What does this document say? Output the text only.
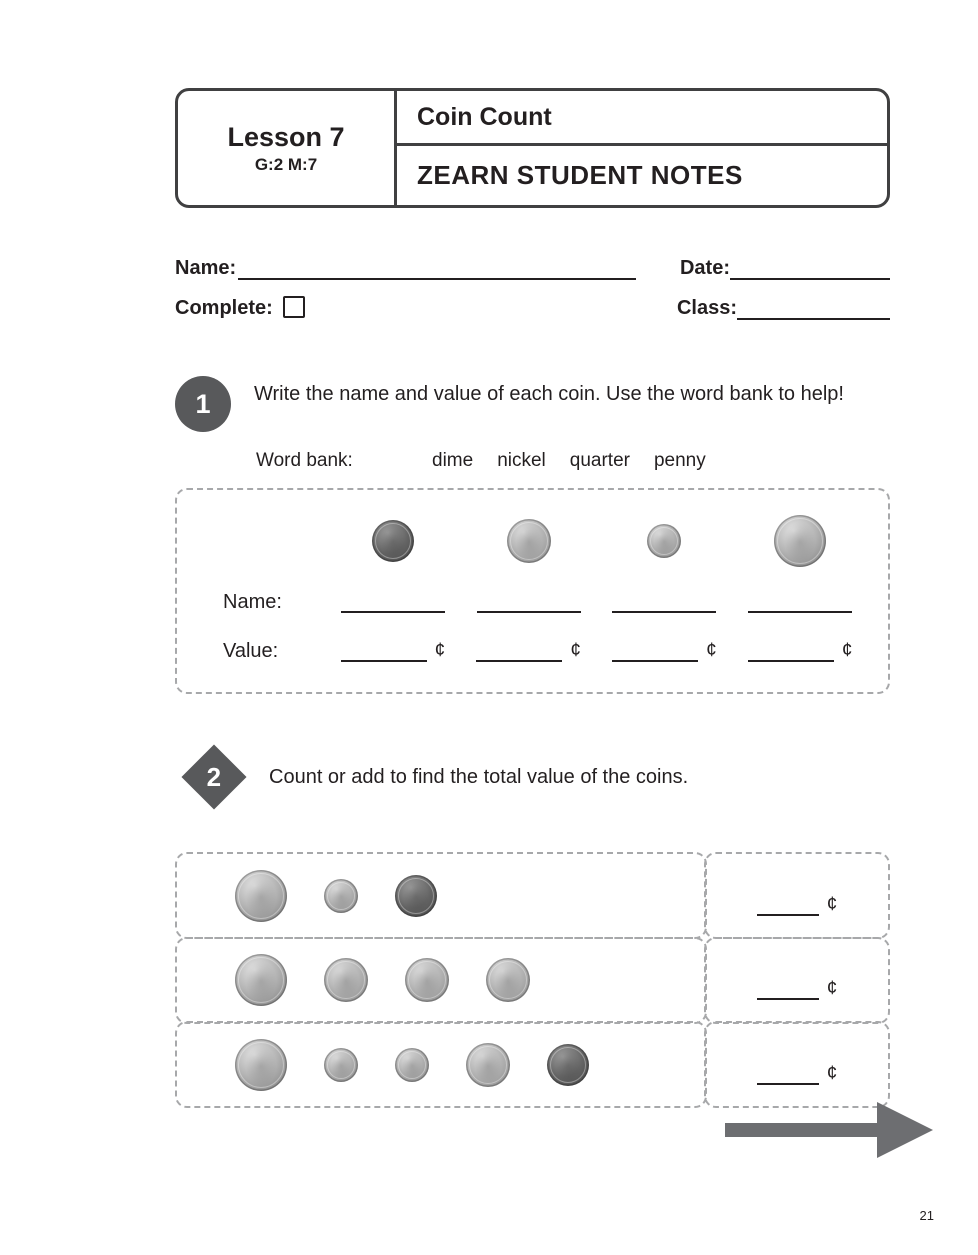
Lesson 7
G:2 M:7
Coin Count
ZEARN STUDENT NOTES
Name:	Date:
Complete:	Class:
1 Write the name and value of each coin. Use the word bank to help!
Word bank:	dime nickel quarter penny
Name:
Value:	¢	¢	¢	¢
2 Count or add to find the total value of the coins.
¢
¢
¢
21
